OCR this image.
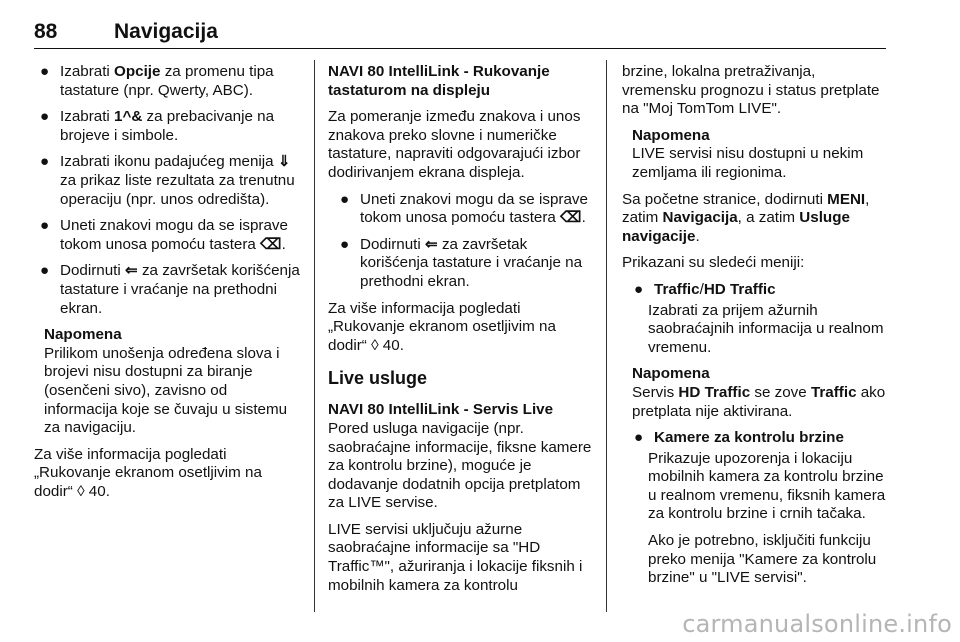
88	Navigacija
● Izabrati Opcije za promenu tipa tastature (npr. Qwerty, ABC).
● Izabrati 1^& za prebacivanje na brojeve i simbole.
● Izabrati ikonu padajućeg menija ⇓ za prikaz liste rezultata za trenutnu operaciju (npr. unos odredišta).
● Uneti znakovi mogu da se isprave tokom unosa pomoću tastera ⌫.
● Dodirnuti ⇐ za završetak korišćenja tastature i vraćanje na prethodni ekran.
Napomena
Prilikom unošenja određena slova i brojevi nisu dostupni za biranje (osenčeni sivo), zavisno od informacija koje se čuvaju u sistemu za navigaciju.

Za više informacija pogledati „Rukovanje ekranom osetljivim na dodir“ ◊ 40.

NAVI 80 IntelliLink - Rukovanje tastaturom na displeju

Za pomeranje između znakova i unos znakova preko slovne i numeričke tastature, napraviti odgovarajući izbor dodirivanjem ekrana displeja.

● Uneti znakovi mogu da se isprave tokom unosa pomoću tastera ⌫.
● Dodirnuti ⇐ za završetak korišćenja tastature i vraćanje na prethodni ekran.

Za više informacija pogledati „Rukovanje ekranom osetljivim na dodir“ ◊ 40.

Live usluge

NAVI 80 IntelliLink - Servis Live

Pored usluga navigacije (npr. saobraćajne informacije, fiksne kamere za kontrolu brzine), moguće je dodavanje dodatnih opcija pretplatom za LIVE servise.

LIVE servisi uključuju ažurne saobraćajne informacije sa "HD Traffic™", ažuriranja i lokacije fiksnih i mobilnih kamera za kontrolu

brzine, lokalna pretraživanja, vremensku prognozu i status pretplate na "Moj TomTom LIVE".

Napomena
LIVE servisi nisu dostupni u nekim zemljama ili regionima.

Sa početne stranice, dodirnuti MENI, zatim Navigacija, a zatim Usluge navigacije.

Prikazani su sledeći meniji:

● Traffic/HD Traffic

Izabrati za prijem ažurnih saobraćajnih informacija u realnom vremenu.

Napomena
Servis HD Traffic se zove Traffic ako pretplata nije aktivirana.
● Kamere za kontrolu brzine

Prikazuje upozorenja i lokaciju mobilnih kamera za kontrolu brzine u realnom vremenu, fiksnih kamera za kontrolu brzine i crnih tačaka.

Ako je potrebno, isključiti funkciju preko menija "Kamere za kontrolu brzine" u "LIVE servisi".

carmanualsonline.info
